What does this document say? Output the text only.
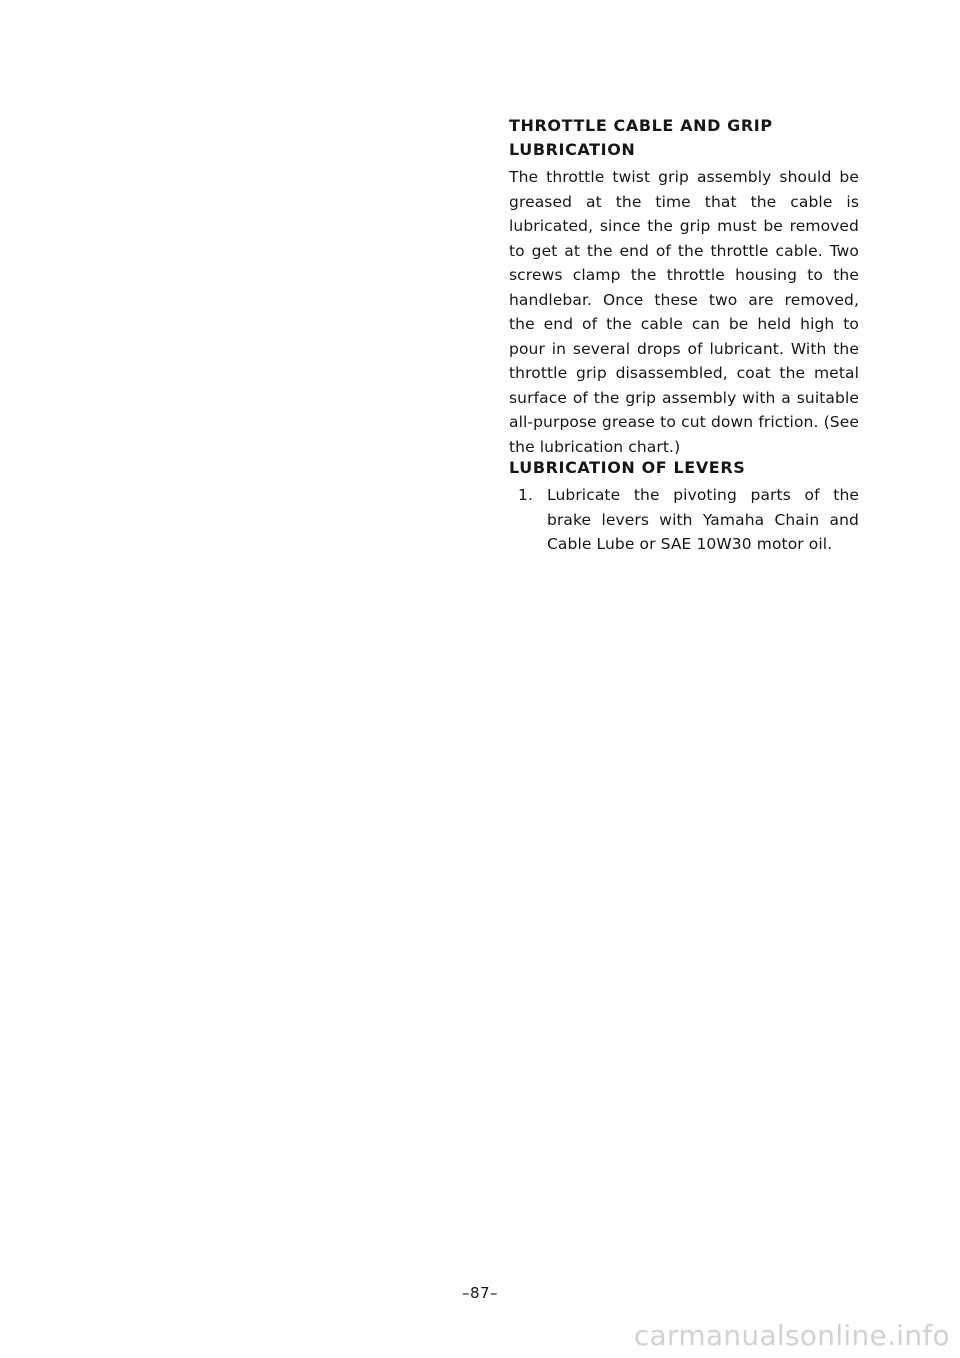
THROTTLE CABLE AND GRIP LUBRICATION

The throttle twist grip assembly should be greased at the time that the cable is lubricated, since the grip must be removed to get at the end of the throttle cable. Two screws clamp the throttle housing to the handlebar. Once these two are removed, the end of the cable can be held high to pour in several drops of lubricant. With the throttle grip disassembled, coat the metal surface of the grip assembly with a suitable all-purpose grease to cut down friction. (See the lubrication chart.)

LUBRICATION OF LEVERS
1. Lubricate the pivoting parts of the brake levers with Yamaha Chain and Cable Lube or SAE 10W30 motor oil.
–87–
carmanualsonline.info
